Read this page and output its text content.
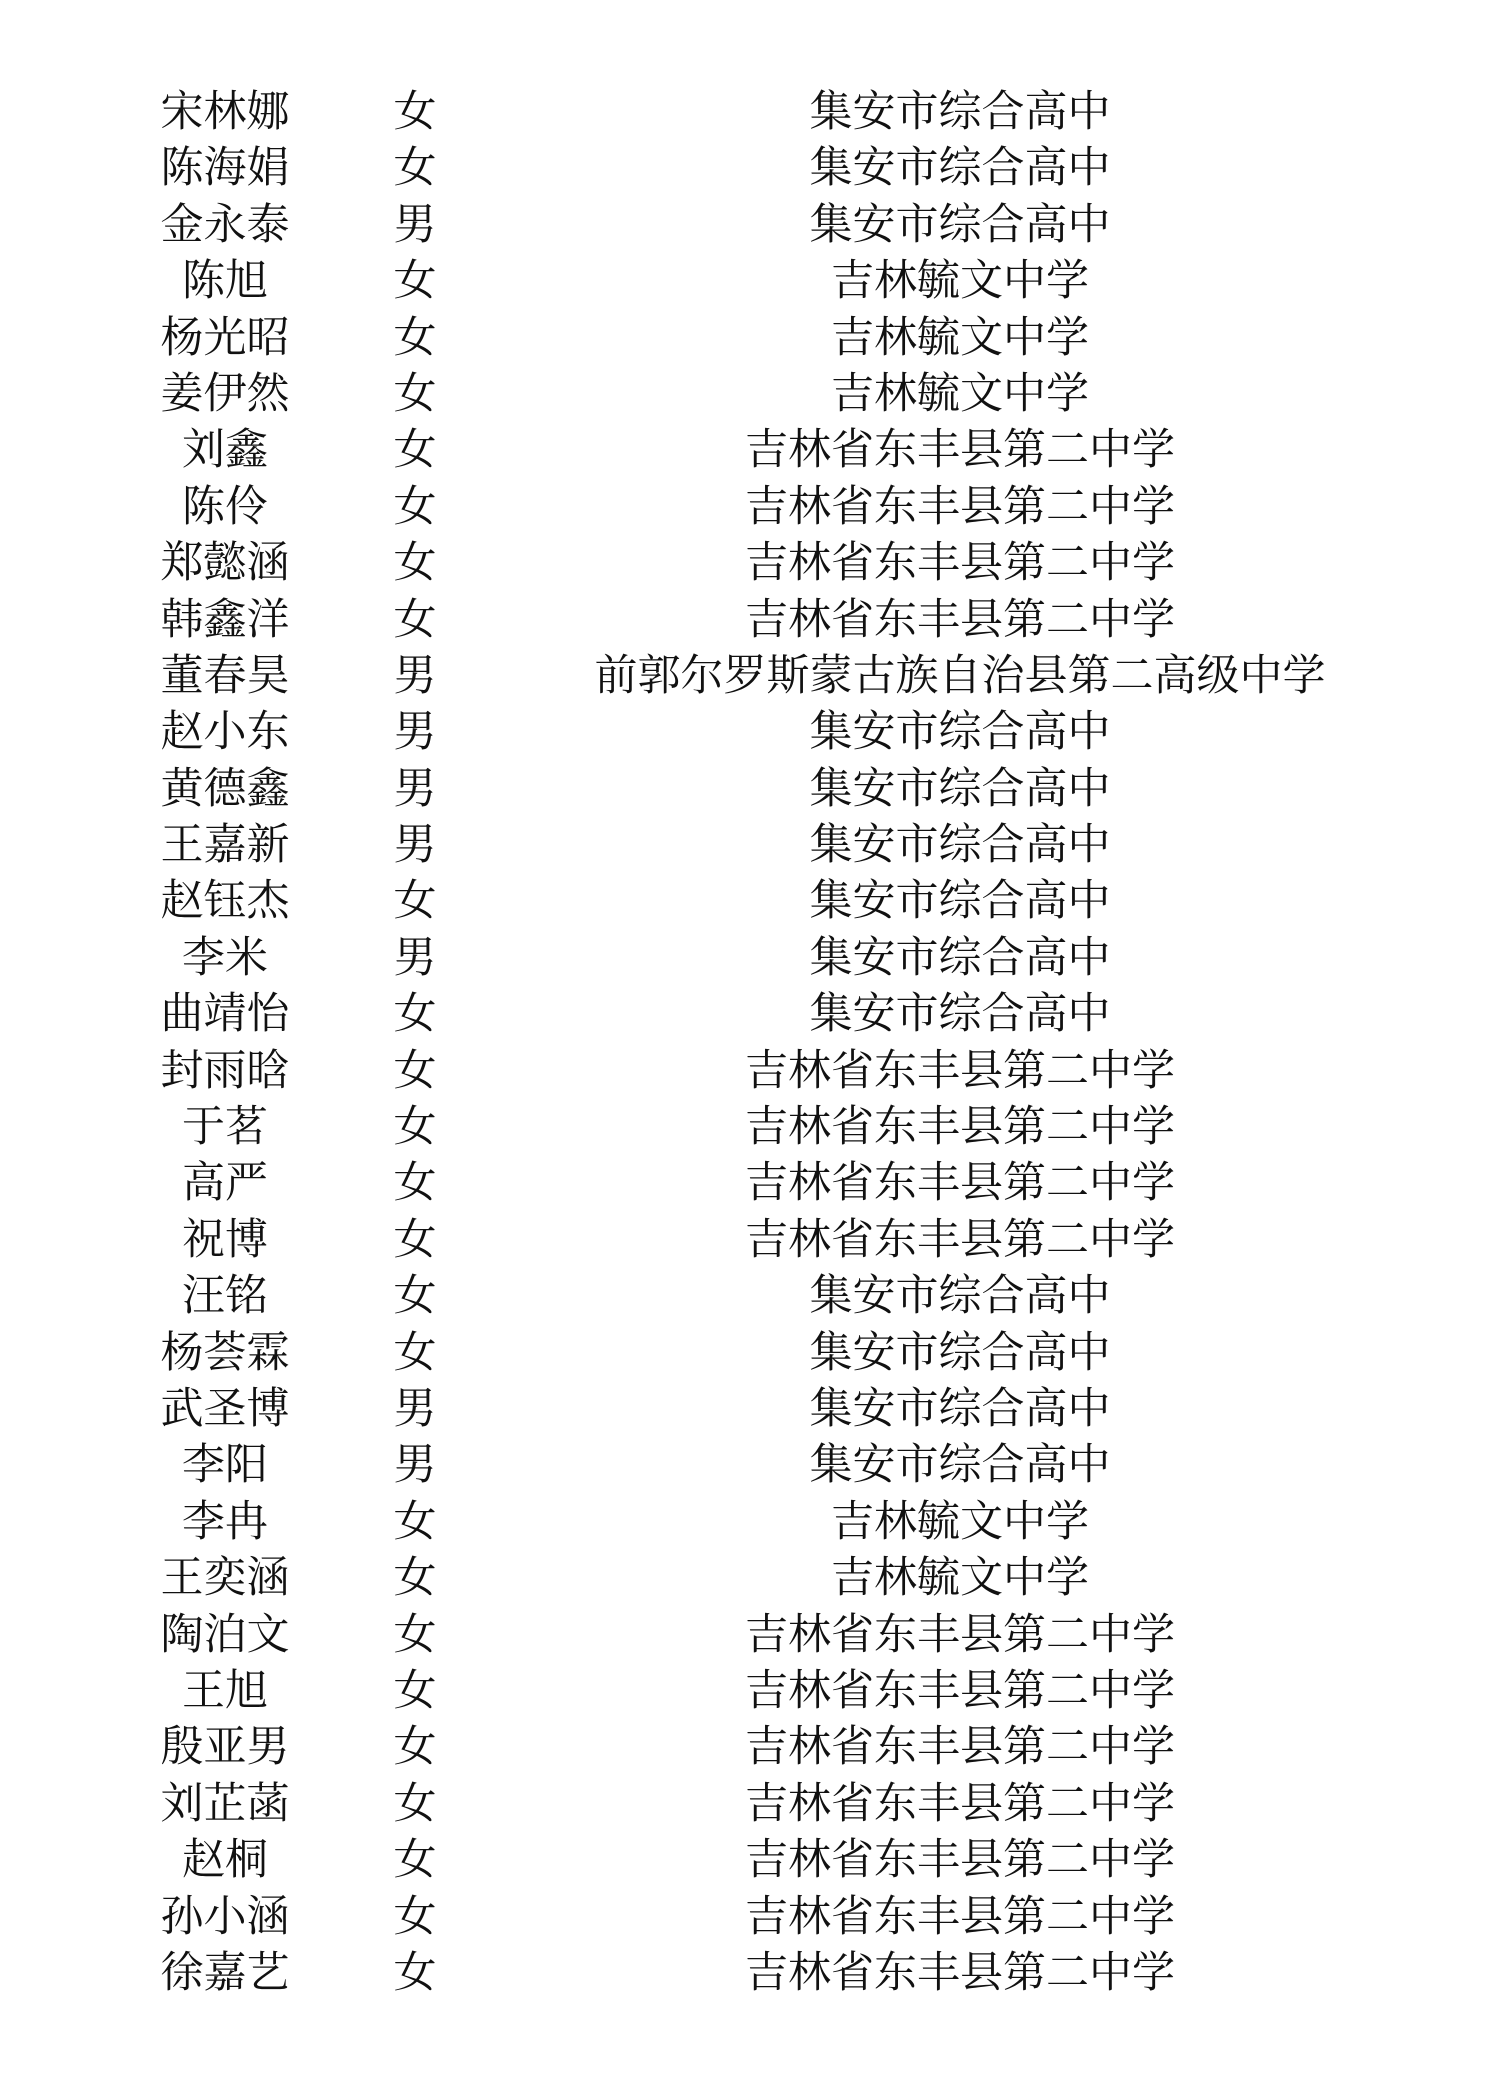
宋林娜	女	集安市综合高中
陈海娟	女	集安市综合高中
金永泰	男	集安市综合高中
陈旭	女	吉林毓文中学
杨光昭	女	吉林毓文中学
姜伊然	女	吉林毓文中学
刘鑫	女	吉林省东丰县第二中学
陈伶	女	吉林省东丰县第二中学
郑懿涵	女	吉林省东丰县第二中学
韩鑫洋	女	吉林省东丰县第二中学
董春昊	男	前郭尔罗斯蒙古族自治县第二高级中学
赵小东	男	集安市综合高中
黄德鑫	男	集安市综合高中
王嘉新	男	集安市综合高中
赵钰杰	女	集安市综合高中
李米	男	集安市综合高中
曲靖怡	女	集安市综合高中
封雨晗	女	吉林省东丰县第二中学
于茗	女	吉林省东丰县第二中学
高严	女	吉林省东丰县第二中学
祝博	女	吉林省东丰县第二中学
汪铭	女	集安市综合高中
杨荟霖	女	集安市综合高中
武圣博	男	集安市综合高中
李阳	男	集安市综合高中
李冉	女	吉林毓文中学
王奕涵	女	吉林毓文中学
陶泊文	女	吉林省东丰县第二中学
王旭	女	吉林省东丰县第二中学
殷亚男	女	吉林省东丰县第二中学
刘芷菡	女	吉林省东丰县第二中学
赵桐	女	吉林省东丰县第二中学
孙小涵	女	吉林省东丰县第二中学
徐嘉艺	女	吉林省东丰县第二中学
